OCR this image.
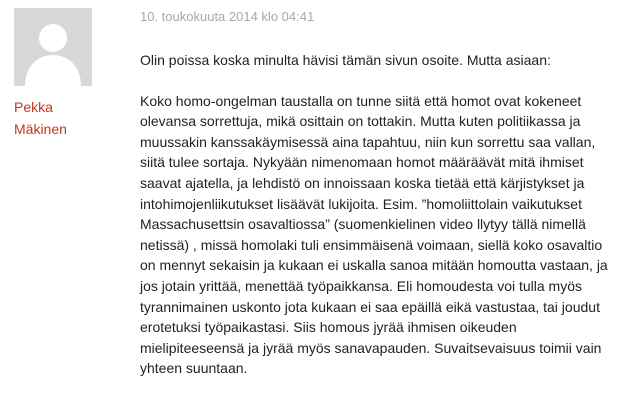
Pekka
Mäkinen
10. toukokuuta 2014 klo 04:41

Olin poissa koska minulta hävisi tämän sivun osoite. Mutta asiaan:

Koko homo-ongelman taustalla on tunne siitä että homot ovat kokeneet olevansa sorrettuja, mikä osittain on tottakin. Mutta kuten politiikassa ja muussakin kanssakäymisessä aina tapahtuu, niin kun sorrettu saa vallan, siitä tulee sortaja. Nykyään nimenomaan homot määräävät mitä ihmiset saavat ajatella, ja lehdistö on innoissaan koska tietää että kärjistykset ja intohimojenliikutukset lisäävät lukijoita. Esim. ”homoliittolain vaikutukset Massachusettsin osavaltiossa” (suomenkielinen video llytyy tällä nimellä netissä) , missä homolaki tuli ensimmäisenä voimaan, siellä koko osavaltio on mennyt sekaisin ja kukaan ei uskalla sanoa mitään homoutta vastaan, ja jos jotain yrittää, menettää työpaikkansa. Eli homoudesta voi tulla myös tyrannimainen uskonto jota kukaan ei saa epäillä eikä vastustaa, tai joudut erotetuksi työpaikastasi. Siis homous jyrää ihmisen oikeuden mielipiteeseensä ja jyrää myös sanavapauden. Suvaitsevaisuus toimii vain yhteen suuntaan.
